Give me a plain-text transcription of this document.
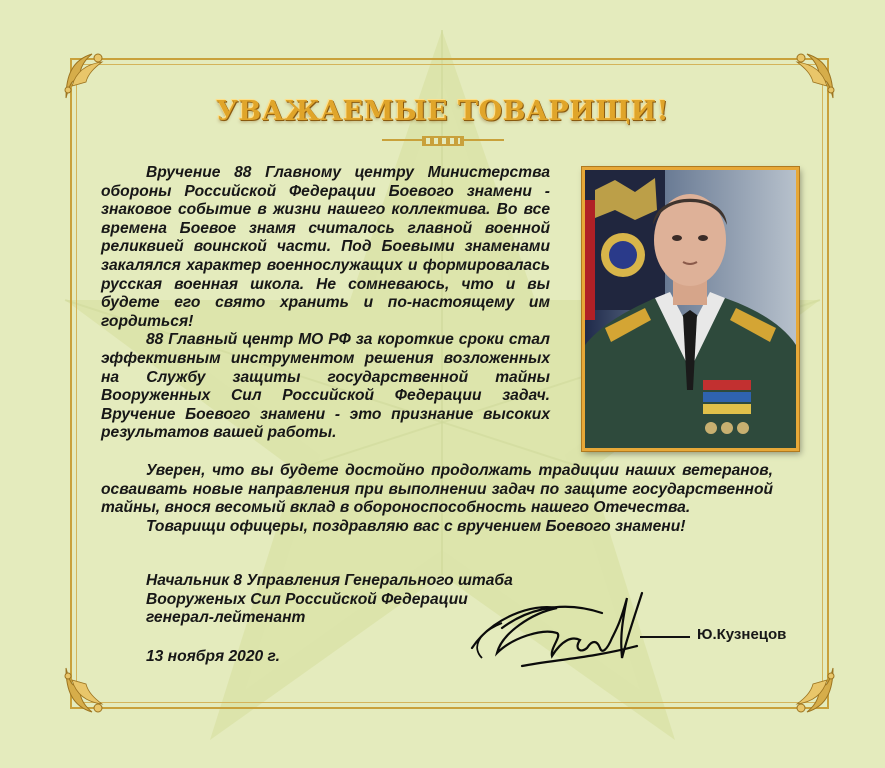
УВАЖАЕМЫЕ ТОВАРИЩИ!

Вручение 88 Главному центру Министерства обороны Российской Федерации Боевого знамени - знаковое событие в жизни нашего коллектива. Во все времена Боевое знамя считалось главной военной реликвией воинской части. Под Боевыми знаменами закалялся характер военнослужащих и формировалась русская военная школа. Не сомневаюсь, что и вы будете его свято хранить и по-настоящему им гордиться!

88 Главный центр МО РФ за короткие сроки стал эффективным инструментом решения возложенных на Службу защиты государственной тайны Вооруженных Сил Российской Федерации задач. Вручение Боевого знамени - это признание высоких результатов вашей работы.

Уверен, что вы будете достойно продолжать традиции наших ветеранов, осваивать новые направления при выполнении задач по защите государственной тайны, внося весомый вклад в обороноспособность нашего Отечества.

Товарищи офицеры, поздравляю вас с вручением Боевого знамени!

Начальник 8 Управления Генерального штаба
Вооруженых Сил Российской Федерации
генерал-лейтенант
13 ноября 2020 г.
Ю.Кузнецов
